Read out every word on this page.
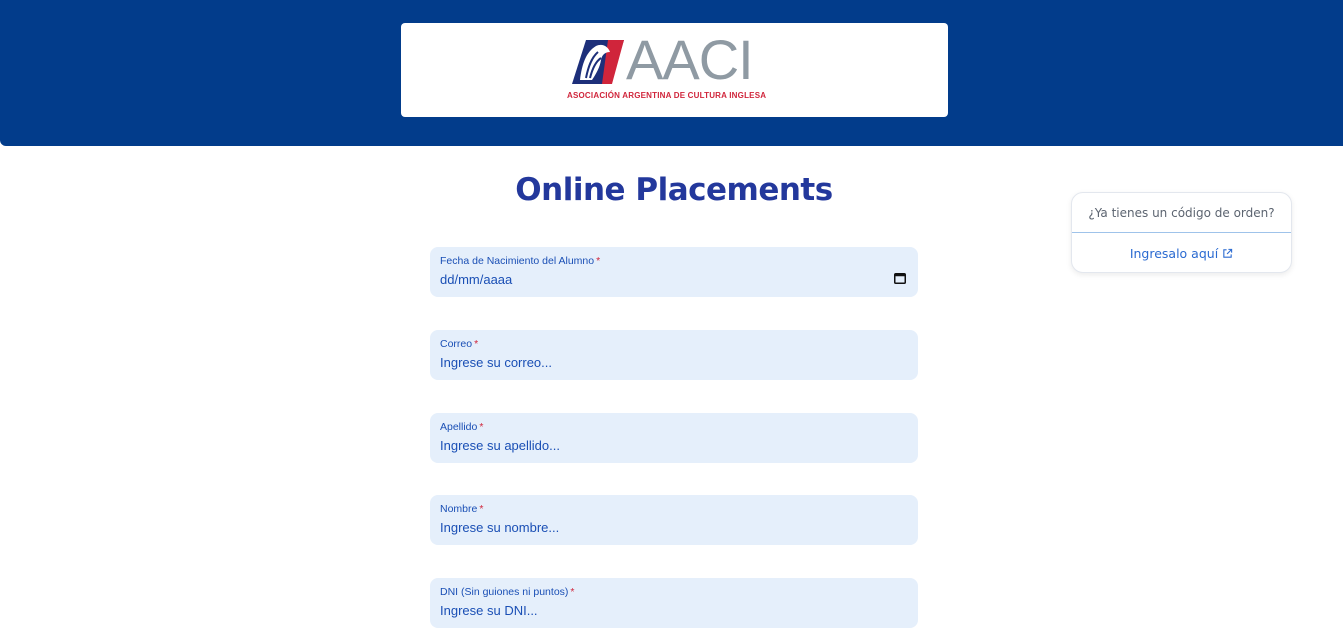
AACI
ASOCIACIÓN ARGENTINA DE CULTURA INGLESA
Online Placements
Fecha de Nacimiento del Alumno *
dd/mm/aaaa
Correo *
Ingrese su correo...
Apellido *
Ingrese su apellido...
Nombre *
Ingrese su nombre...
DNI (Sin guiones ni puntos) *
Ingrese su DNI...
¿Ya tienes un código de orden?
Ingresalo aquí
